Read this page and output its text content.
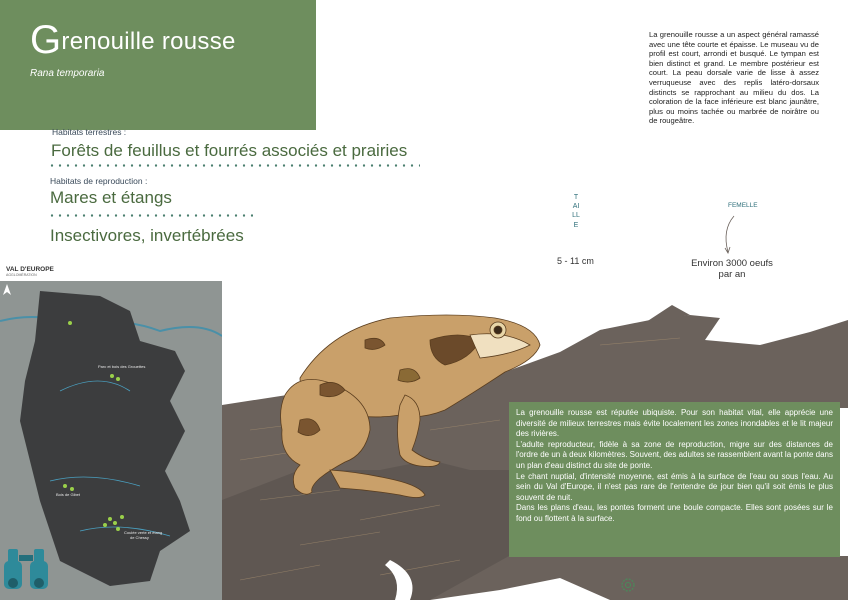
Grenouille rousse
Rana temporaria
Habitats terrestres :
Forêts de feuillus et fourrés associés et prairies
Habitats de reproduction :
Mares et étangs
Insectivores, invertébrées
La grenouille rousse a un aspect général ramassé avec une tête courte et épaisse. Le museau vu de profil est court, arrondi et busqué. Le tympan est bien distinct et grand. Le membre postérieur est court. La peau dorsale varie de lisse à assez verruqueuse avec des replis latéro-dorsaux distincts se rapprochant au milieu du dos. La coloration de la face inférieure est blanc jaunâtre, plus ou moins tachée ou marbrée de noirâtre ou de rougeâtre.
TAILLE
5 - 11 cm
FEMELLE
Environ 3000 oeufs par an
VAL D'EUROPE
AGGLOMÉRATION
Parc et bois des Grouettes
Bois de Gibet
Coulée verte et étang
de Chessy

La grenouille rousse est réputée ubiquiste. Pour son habitat vital, elle apprécie une diversité de milieux terrestres mais évite localement les zones inondables et le lit majeur des rivières.

L'adulte reproducteur, fidèle à sa zone de reproduction, migre sur des distances de l'ordre de un à deux kilomètres. Souvent, des adultes se rassemblent avant la ponte dans un plan d'eau distinct du site de ponte.

Le chant nuptial, d'intensité moyenne, est émis à la surface de l'eau ou sous l'eau. Au sein du Val d'Europe, il n'est pas rare de l'entendre de jour bien qu'il soit émis le plus souvent de nuit.

Dans les plans d'eau, les pontes forment une boule compacte. Elles sont posées sur le fond ou flottent à la surface.
